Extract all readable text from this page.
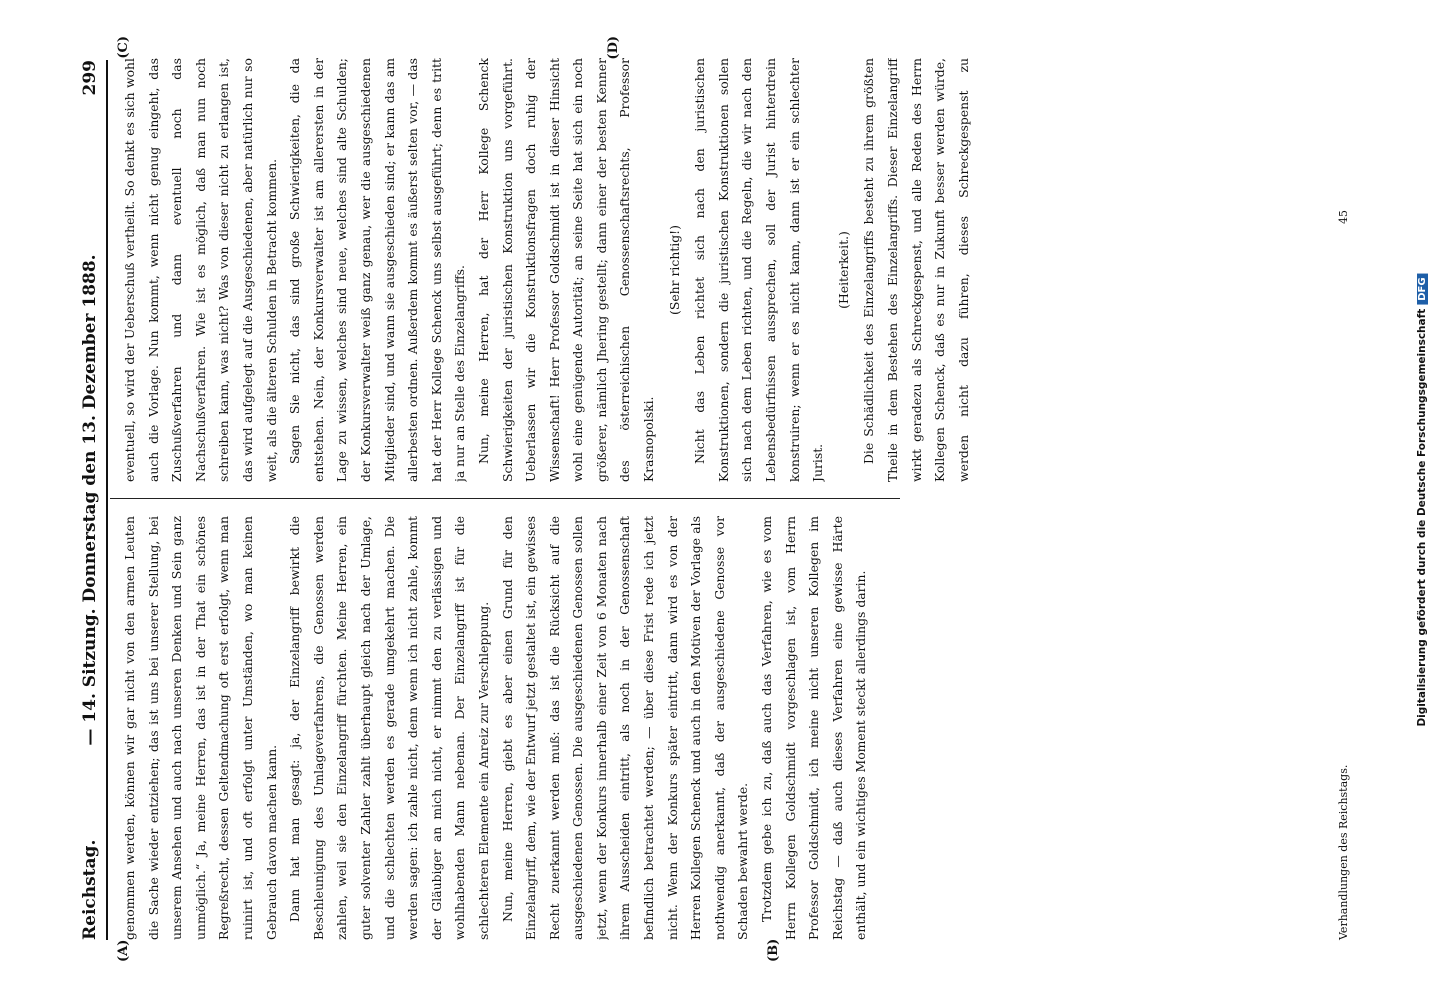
Reichstag.
— 14. Sitzung. Donnerstag den 13. Dezember 1888.
299
(A)	(B)
(C)	(D)

genommen werden, können wir gar nicht von den armen Leuten die Sache wieder entziehen; das ist uns bei unserer Stellung, bei unserem Ansehen und auch nach unseren Denken und Sein ganz unmöglich.“ Ja, meine Herren, das ist in der That ein schönes Regreßrecht, dessen Geltendmachung oft erst erfolgt, wenn man ruinirt ist, und oft erfolgt unter Umständen, wo man keinen Gebrauch davon machen kann. Dann hat man gesagt: ja, der Einzelangriff bewirkt die Beschleunigung des Umlageverfahrens, die Genossen werden zahlen, weil sie den Einzelangriff fürchten. Meine Herren, ein guter solventer Zahler zahlt überhaupt gleich nach der Umlage, und die schlechten werden es gerade umgekehrt machen. Die werden sagen: ich zahle nicht, denn wenn ich nicht zahle, kommt der Gläubiger an mich nicht, er nimmt den zu verlässigen und wohlhabenden Mann nebenan. Der Einzelangriff ist für die schlechteren Elemente ein Anreiz zur Verschleppung. Nun, meine Herren, giebt es aber einen Grund für den Einzelangriff, dem, wie der Entwurf jetzt gestaltet ist, ein gewisses Recht zuerkannt werden muß: das ist die Rücksicht auf die ausgeschiedenen Genossen. Die ausgeschiedenen Genossen sollen jetzt, wenn der Konkurs innerhalb einer Zeit von 6 Monaten nach ihrem Ausscheiden eintritt, als noch in der Genossenschaft befindlich betrachtet werden; — über diese Frist rede ich jetzt nicht. Wenn der Konkurs später eintritt, dann wird es von der Herren Kollegen Schenck und auch in den Motiven der Vorlage als nothwendig anerkannt, daß der ausgeschiedene Genosse vor Schaden bewahrt werde. Trotzdem gebe ich zu, daß auch das Verfahren, wie es vom Herrn Kollegen Goldschmidt vorgeschlagen ist, vom Herrn Professor Goldschmidt, ich meine nicht unseren Kollegen im Reichstag — daß auch dieses Verfahren eine gewisse Härte enthält, und ein wichtiges Moment steckt allerdings darin.

eventuell, so wird der Ueberschuß vertheilt. So denkt es sich wohl auch die Vorlage. Nun kommt, wenn nicht genug eingeht, das Zuschußverfahren und dann eventuell noch das Nachschußverfahren. Wie ist es möglich, daß man nun noch schreiben kann, was nicht? Was von dieser nicht zu erlangen ist, das wird aufgelegt auf die Ausgeschiedenen, aber natürlich nur so weit, als die älteren Schulden in Betracht kommen. Sagen Sie nicht, das sind große Schwierigkeiten, die da entstehen. Nein, der Konkursverwalter ist am allerersten in der Lage zu wissen, welches sind neue, welches sind alte Schulden; der Konkursverwalter weiß ganz genau, wer die ausgeschiedenen Mitglieder sind, und wann sie ausgeschieden sind; er kann das am allerbesten ordnen. Außerdem kommt es äußerst selten vor, — das hat der Herr Kollege Schenck uns selbst ausgeführt; denn es tritt ja nur an Stelle des Einzelangriffs. Nun, meine Herren, hat der Herr Kollege Schenck Schwierigkeiten der juristischen Konstruktion uns vorgeführt. Ueberlassen wir die Konstruktionsfragen doch ruhig der Wissenschaft! Herr Professor Goldschmidt ist in dieser Hinsicht wohl eine genügende Autorität; an seine Seite hat sich ein noch größerer, nämlich Jhering gestellt; dann einer der besten Kenner des österreichischen Genossenschaftsrechts, Professor Krasnopolski.

(Sehr richtig!) Nicht das Leben richtet sich nach den juristischen Konstruktionen, sondern die juristischen Konstruktionen sollen sich nach dem Leben richten, und die Regeln, die wir nach den Lebensbedürfnissen aussprechen, soll der Jurist hinterdrein konstruiren; wenn er es nicht kann, dann ist er ein schlechter Jurist.

(Heiterkeit.)

Die Schädlichkeit des Einzelangriffs besteht zu ihrem größten Theile in dem Bestehen des Einzelangriffs. Dieser Einzelangriff wirkt geradezu als Schreckgespenst, und alle Reden des Herrn Kollegen Schenck, daß es nur in Zukunft besser werden würde, werden nicht dazu führen, dieses Schreckgespenst zu

Verhandlungen des Reichstags.
45
Digitalisierung gefördert durch die Deutsche ForschungsgemeinschaftDFG
